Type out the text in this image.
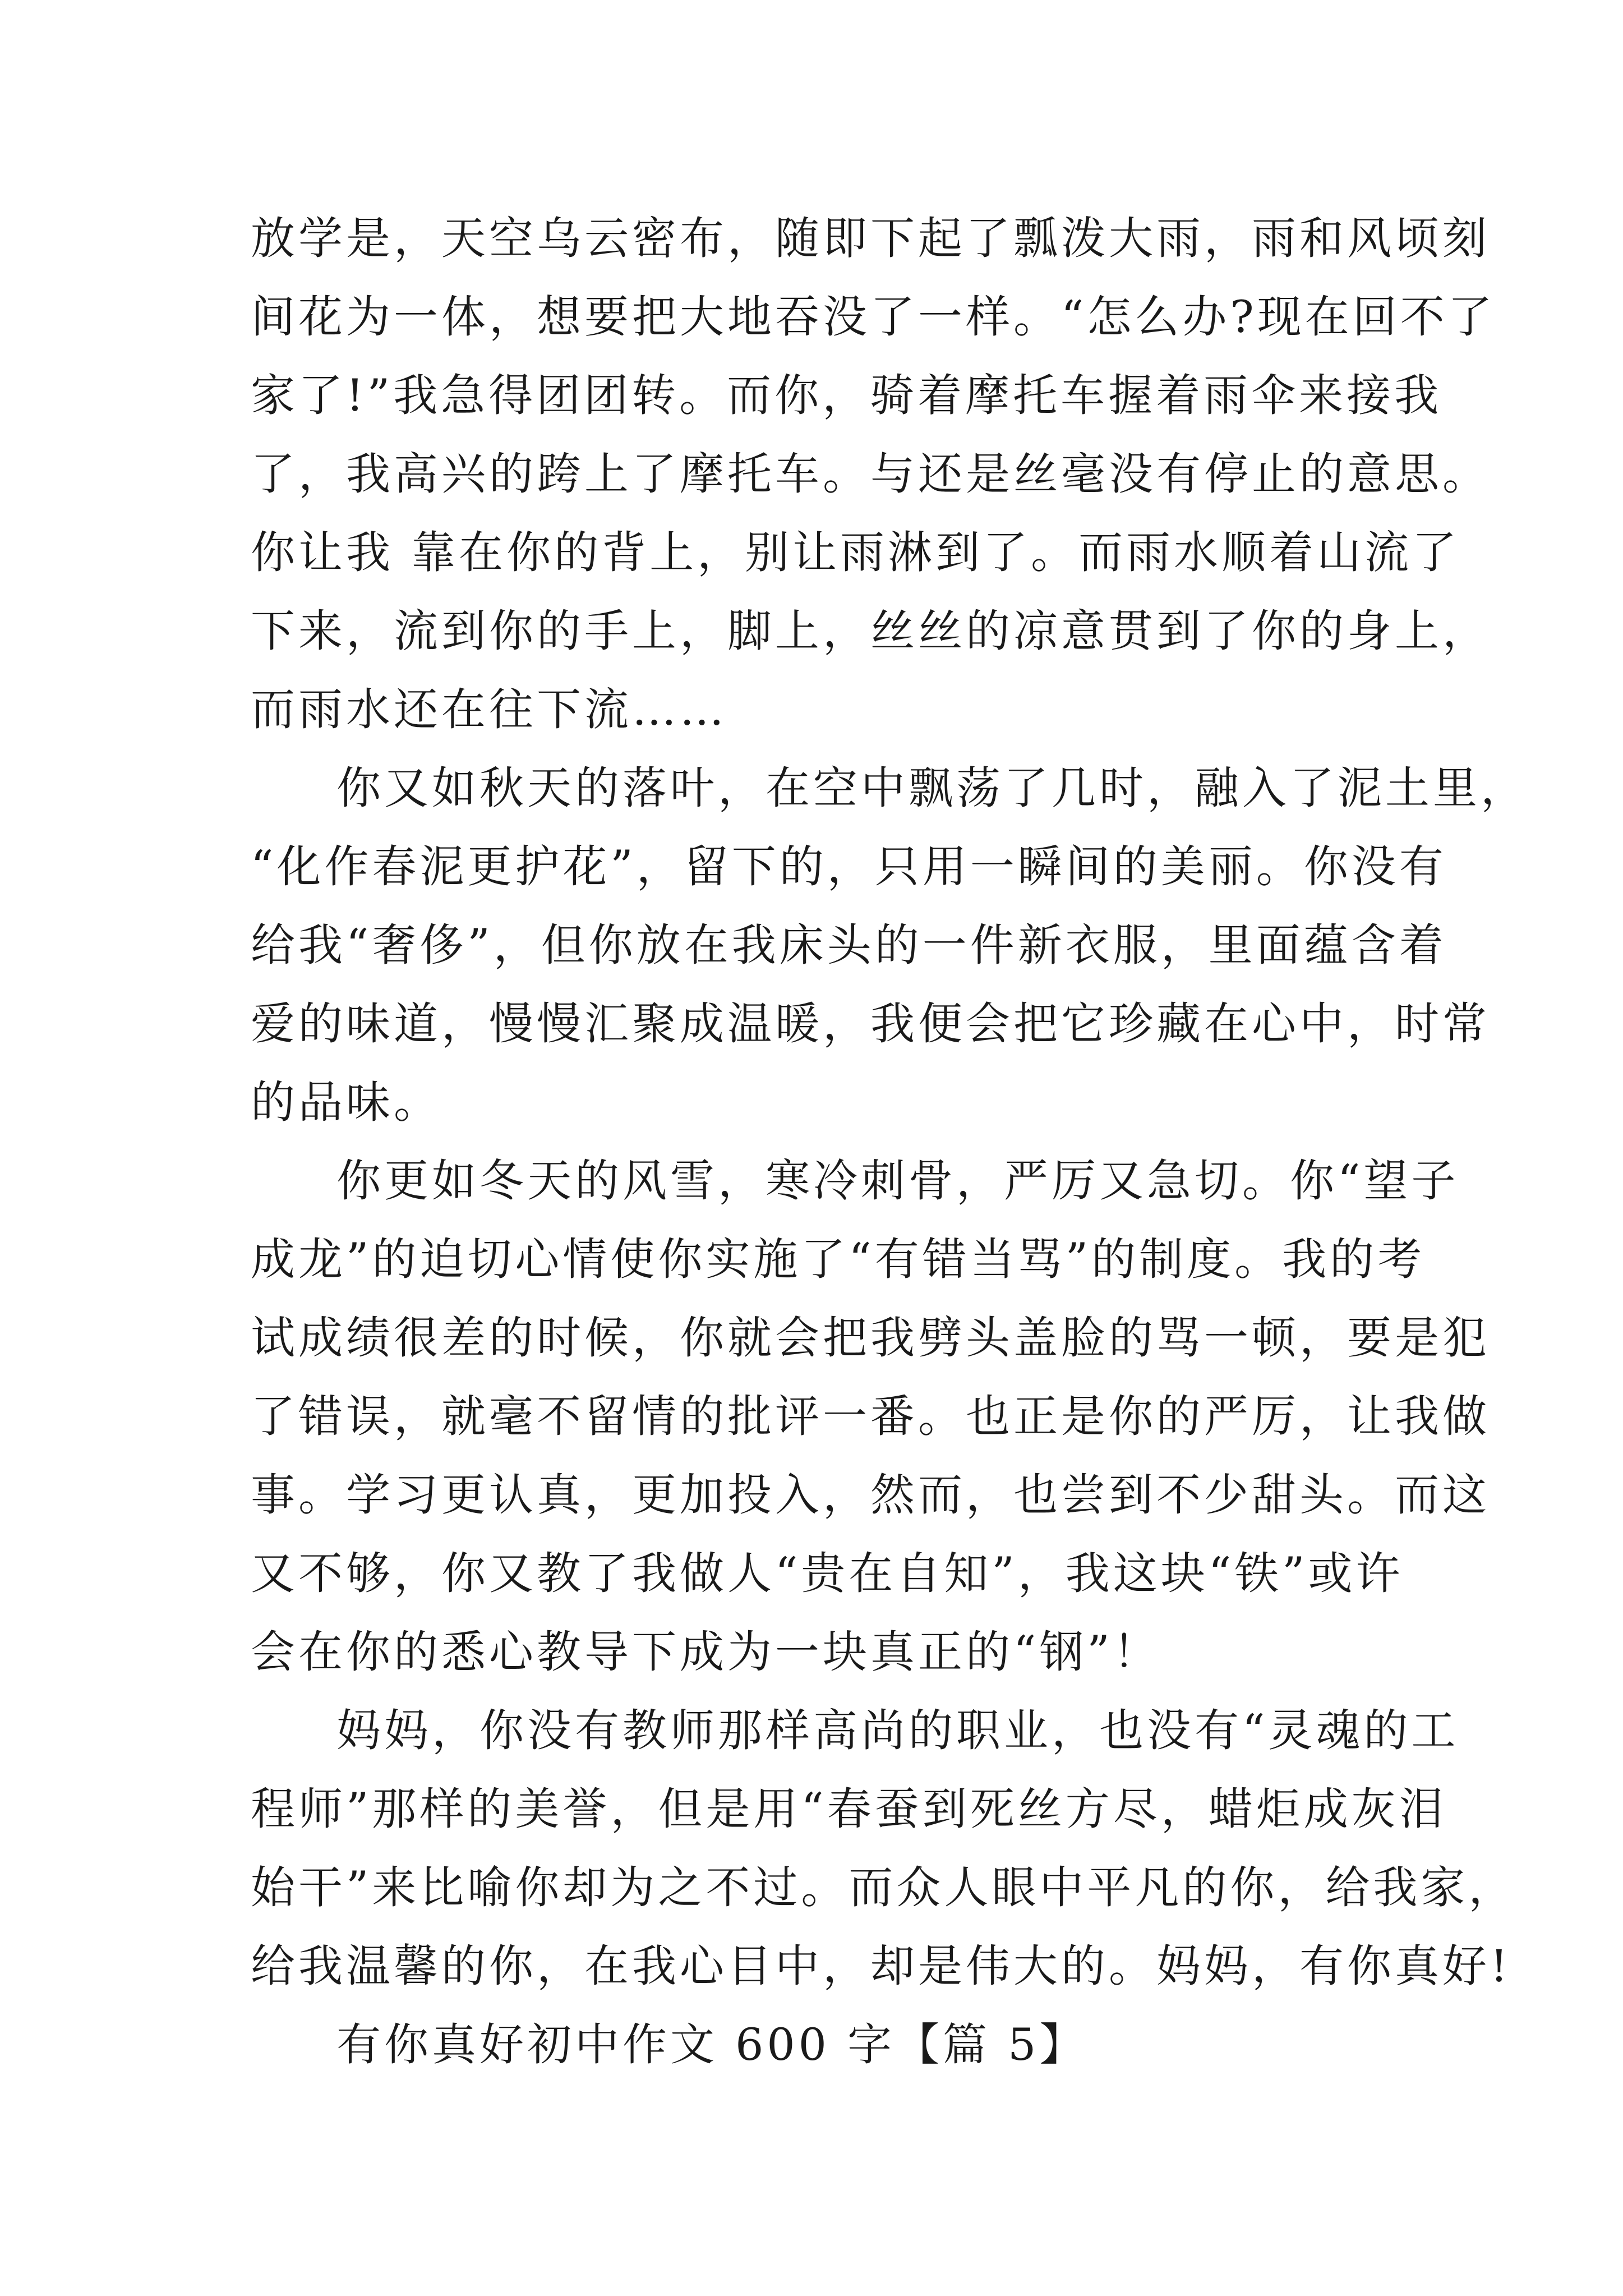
放学是，天空乌云密布，随即下起了瓢泼大雨，雨和风顷刻
间花为一体，想要把大地吞没了一样。“怎么办?现在回不了
家了!”我急得团团转。而你，骑着摩托车握着雨伞来接我
了，我高兴的跨上了摩托车。与还是丝毫没有停止的意思。
你让我 靠在你的背上，别让雨淋到了。而雨水顺着山流了
下来，流到你的手上，脚上，丝丝的凉意贯到了你的身上，
而雨水还在往下流……
你又如秋天的落叶，在空中飘荡了几时，融入了泥土里，
“化作春泥更护花”，留下的，只用一瞬间的美丽。你没有
给我“奢侈”，但你放在我床头的一件新衣服，里面蕴含着
爱的味道，慢慢汇聚成温暖，我便会把它珍藏在心中，时常
的品味。
你更如冬天的风雪，寒冷刺骨，严厉又急切。你“望子
成龙”的迫切心情使你实施了“有错当骂”的制度。我的考
试成绩很差的时候，你就会把我劈头盖脸的骂一顿，要是犯
了错误，就毫不留情的批评一番。也正是你的严厉，让我做
事。学习更认真，更加投入，然而，也尝到不少甜头。而这
又不够，你又教了我做人“贵在自知”，我这块“铁”或许
会在你的悉心教导下成为一块真正的“钢”！
妈妈，你没有教师那样高尚的职业，也没有“灵魂的工
程师”那样的美誉，但是用“春蚕到死丝方尽，蜡炬成灰泪
始干”来比喻你却为之不过。而众人眼中平凡的你，给我家，
给我温馨的你，在我心目中，却是伟大的。妈妈，有你真好!
有你真好初中作文 600 字【篇 5】
